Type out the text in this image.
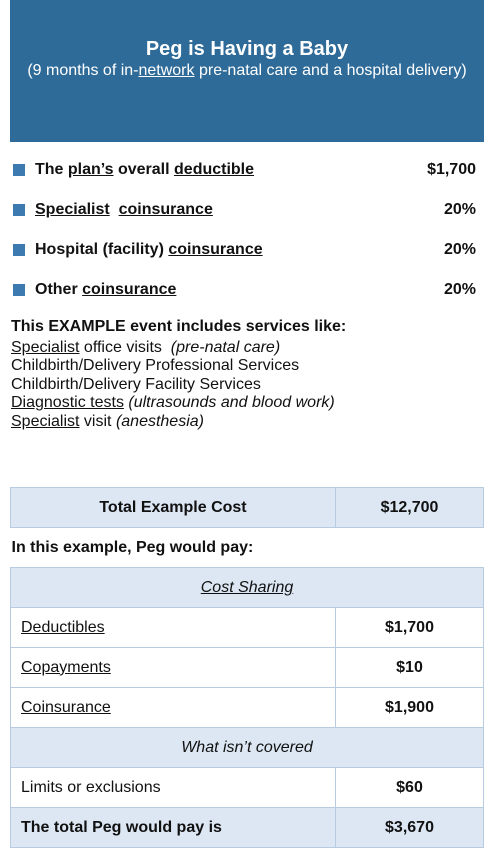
Peg is Having a Baby
(9 months of in-network pre-natal care and a hospital delivery)
The plan’s overall deductible	$1,700
Specialist coinsurance	20%
Hospital (facility) coinsurance	20%
Other coinsurance	20%
This EXAMPLE event includes services like:
Specialist office visits  (pre-natal care)
Childbirth/Delivery Professional Services
Childbirth/Delivery Facility Services
Diagnostic tests (ultrasounds and blood work)
Specialist visit (anesthesia)
Total Example Cost	$12,700
In this example, Peg would pay:	
Cost Sharing	
Deductibles	$1,700
Copayments	$10
Coinsurance	$1,900
What isn’t covered	
Limits or exclusions	$60
The total Peg would pay is	$3,670
